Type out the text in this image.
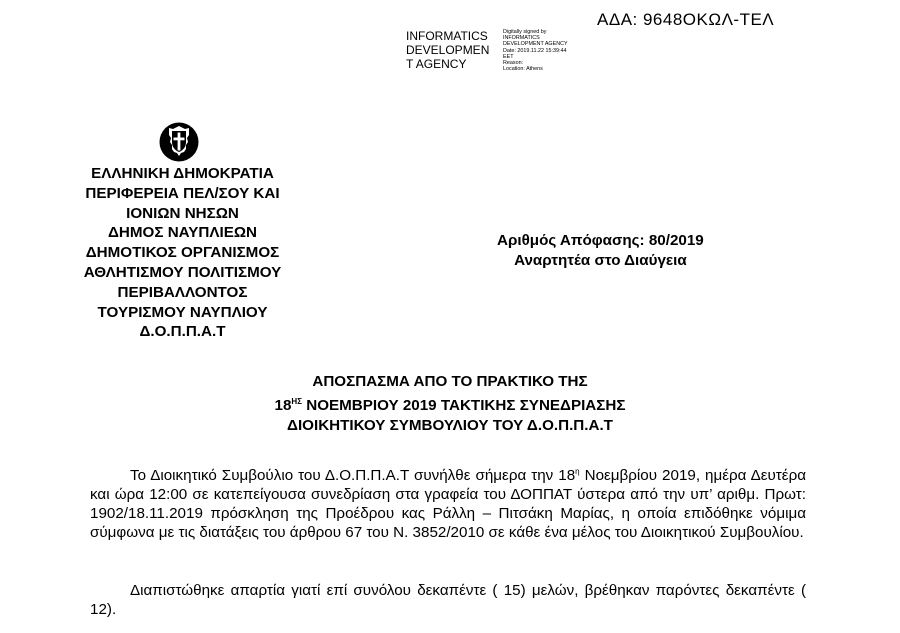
ΑΔΑ: 9648ΟΚΩΛ-ΤΕΛ
INFORMATICS DEVELOPMEN T AGENCY
Digitally signed by
INFORMATICS
DEVELOPMENT AGENCY
Date: 2019.11.22 15:39:44
EET
Reason:
Location: Athens
ΕΛΛΗΝΙΚΗ ΔΗΜΟΚΡΑΤΙΑ
ΠΕΡΙΦΕΡΕΙΑ ΠΕΛ/ΣΟΥ ΚΑΙ
ΙΟΝΙΩΝ ΝΗΣΩΝ
ΔΗΜΟΣ ΝΑΥΠΛΙΕΩΝ
ΔΗΜΟΤΙΚΟΣ ΟΡΓΑΝΙΣΜΟΣ
ΑΘΛΗΤΙΣΜΟΥ ΠΟΛΙΤΙΣΜΟΥ
ΠΕΡΙΒΑΛΛΟΝΤΟΣ
ΤΟΥΡΙΣΜΟΥ ΝΑΥΠΛΙΟΥ
Δ.Ο.Π.Π.Α.Τ
Αριθμός Απόφασης: 80/2019
Αναρτητέα στο Διαύγεια
ΑΠΟΣΠΑΣΜΑ ΑΠΟ ΤΟ ΠΡΑΚΤΙΚΟ ΤΗΣ
$18^{H\Sigma}$ ΝΟΕΜΒΡΙΟΥ 2019 ΤΑΚΤΙΚΗΣ ΣΥΝΕΔΡΙΑΣΗΣ
ΔΙΟΙΚΗΤΙΚΟΥ ΣΥΜΒΟΥΛΙΟΥ ΤΟΥ Δ.Ο.Π.Π.Α.Τ
Το Διοικητικό Συμβούλιο του Δ.Ο.Π.Π.Α.Τ συνήλθε σήμερα την $18^\eta$ Νοεμβρίου 2019, ημέρα Δευτέρα και ώρα 12:00 σε κατεπείγουσα συνεδρίαση στα γραφεία του ΔΟΠΠΑΤ ύστερα από την υπ’ αριθμ. Πρωτ: 1902/18.11.2019 πρόσκληση της Προέδρου κας Ράλλη – Πιτσάκη Μαρίας, η οποία επιδόθηκε νόμιμα σύμφωνα με τις διατάξεις του άρθρου 67 του Ν. 3852/2010 σε κάθε ένα μέλος του Διοικητικού Συμβουλίου.
Διαπιστώθηκε απαρτία γιατί επί συνόλου δεκαπέντε ( 15) μελών, βρέθηκαν παρόντες δεκαπέντε ( 12).
